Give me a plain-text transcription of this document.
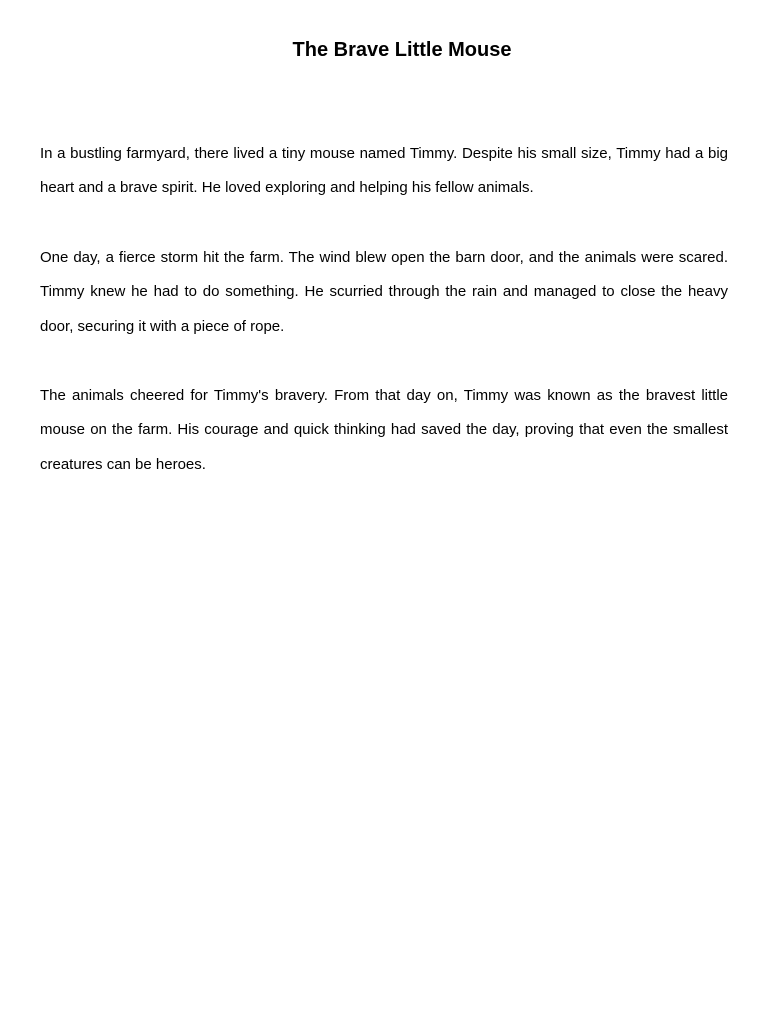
The Brave Little Mouse

In a bustling farmyard, there lived a tiny mouse named Timmy. Despite his small size, Timmy had a big heart and a brave spirit. He loved exploring and helping his fellow animals.

One day, a fierce storm hit the farm. The wind blew open the barn door, and the animals were scared. Timmy knew he had to do something. He scurried through the rain and managed to close the heavy door, securing it with a piece of rope.

The animals cheered for Timmy's bravery. From that day on, Timmy was known as the bravest little mouse on the farm. His courage and quick thinking had saved the day, proving that even the smallest creatures can be heroes.
